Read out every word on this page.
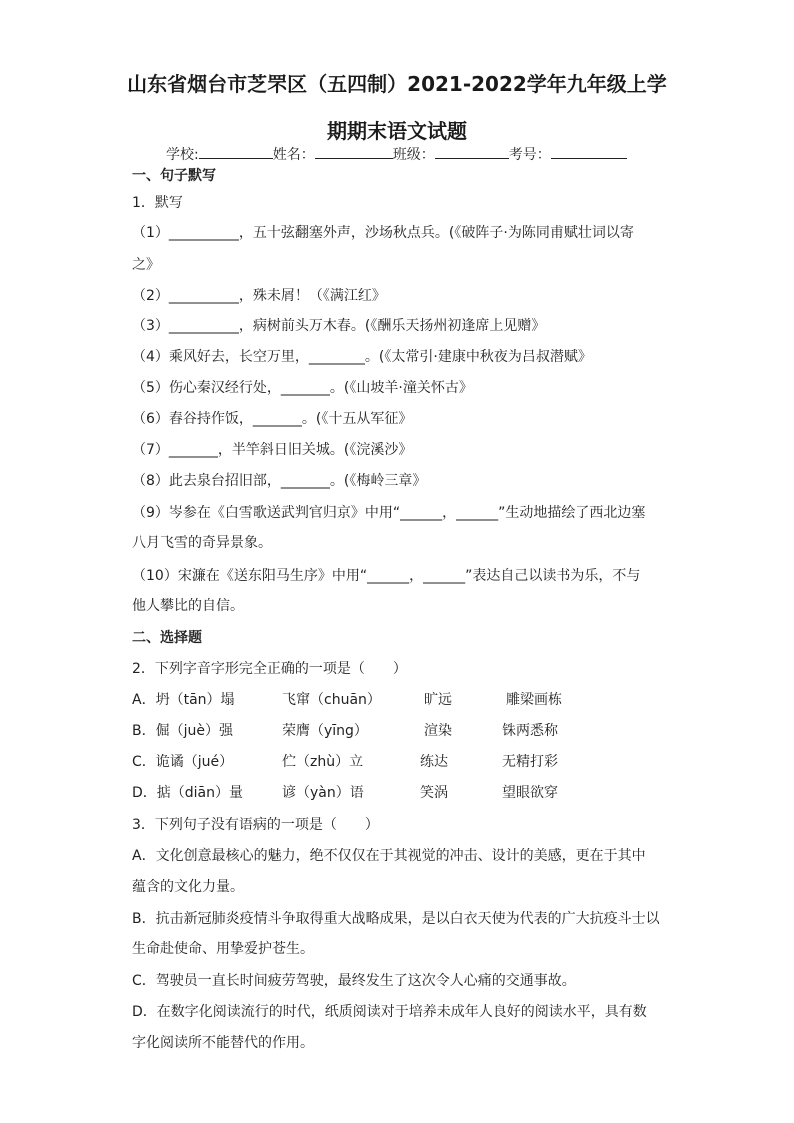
山东省烟台市芝罘区（五四制）2021-2022学年九年级上学
期期末语文试题
学校:	姓名：	班级：	考号：
一、句子默写
1．默写
（1）__________，五十弦翻塞外声，沙场秋点兵。(《破阵子·为陈同甫赋壮词以寄
之》
（2）__________，殊未屑！（《满江红》
（3）__________，病树前头万木春。(《酬乐天扬州初逢席上见赠》
（4）乘风好去，长空万里，________。(《太常引·建康中秋夜为吕叔潜赋》
（5）伤心秦汉经行处，_______。(《山坡羊·潼关怀古》
（6）舂谷持作饭，_______。(《十五从军征》
（7）_______，半竿斜日旧关城。(《浣溪沙》
（8）此去泉台招旧部，_______。(《梅岭三章》
（9）岑参在《白雪歌送武判官归京》中用“______，______”生动地描绘了西北边塞
八月飞雪的奇异景象。
（10）宋濂在《送东阳马生序》中用“______，______”表达自己以读书为乐，不与
他人攀比的自信。
二、选择题
2．下列字音字形完全正确的一项是（　　）
A．坍（tān）塌	飞窜（chuān）	旷远	雕梁画栋
B．倔（juè）强	荣膺（yīng）	渲染	铢两悉称
C．诡谲（jué）	伫（zhù）立	练达	无精打彩
D．掂（diān）量	谚（yàn）语	笑涡	望眼欲穿
3．下列句子没有语病的一项是（　　）
A．文化创意最核心的魅力，绝不仅仅在于其视觉的冲击、设计的美感，更在于其中
蕴含的文化力量。
B．抗击新冠肺炎疫情斗争取得重大战略成果，是以白衣天使为代表的广大抗疫斗士以
生命赴使命、用挚爱护苍生。
C．驾驶员一直长时间疲劳驾驶，最终发生了这次令人心痛的交通事故。
D．在数字化阅读流行的时代，纸质阅读对于培养未成年人良好的阅读水平，具有数
字化阅读所不能替代的作用。
